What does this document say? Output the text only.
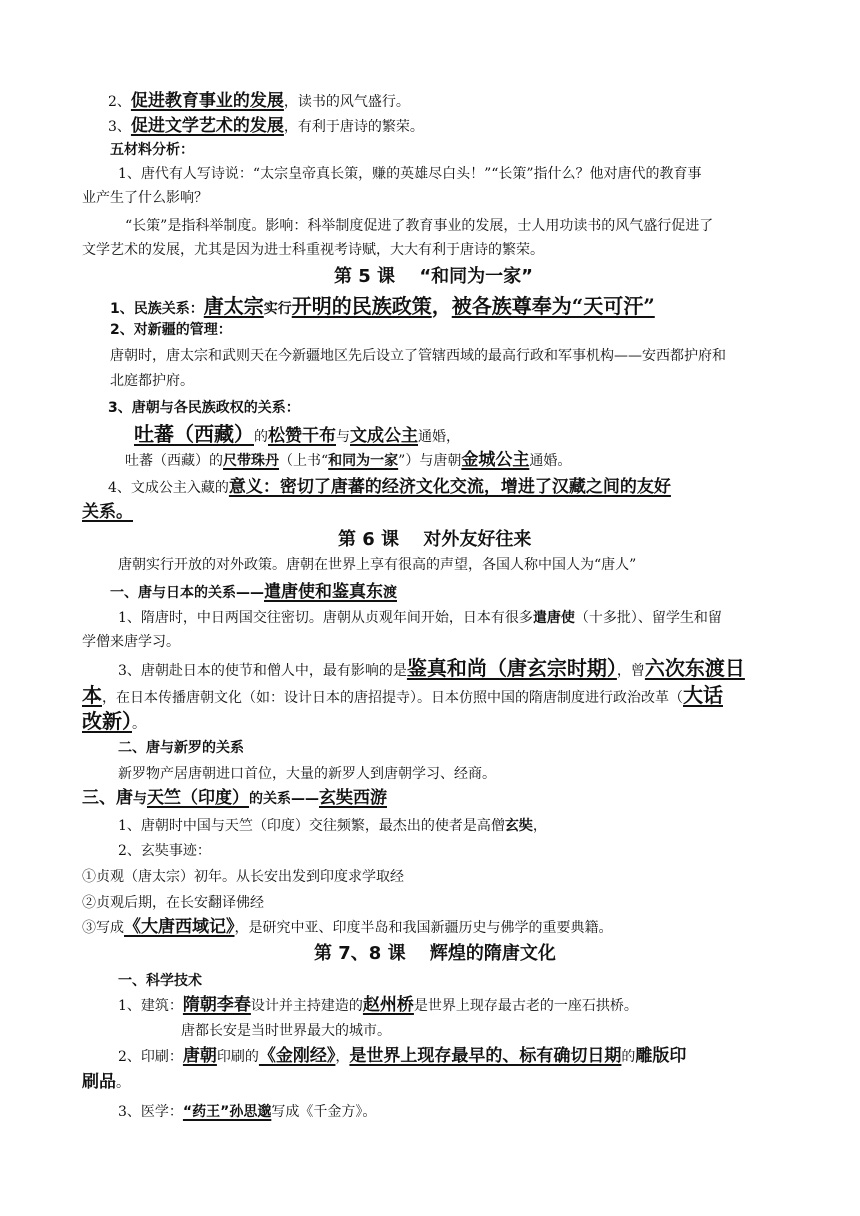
2、促进教育事业的发展，读书的风气盛行。
3、促进文学艺术的发展，有利于唐诗的繁荣。
五材料分析：
1、唐代有人写诗说：“太宗皇帝真长策，赚的英雄尽白头！”“长策”指什么？他对唐代的教育事
业产生了什么影响？
“长策”是指科举制度。影响：科举制度促进了教育事业的发展，士人用功读书的风气盛行促进了
文学艺术的发展，尤其是因为进士科重视考诗赋，大大有利于唐诗的繁荣。
第 5 课　 “和同为一家”
1、民族关系：唐太宗实行开明的民族政策，被各族尊奉为“天可汗”
2、对新疆的管理：
唐朝时，唐太宗和武则天在今新疆地区先后设立了管辖西域的最高行政和军事机构——安西都护府和
北庭都护府。
3、唐朝与各民族政权的关系：
吐蕃（西藏）的松赞干布与文成公主通婚，
吐蕃（西藏）的尺带珠丹（上书“和同为一家”）与唐朝金城公主通婚。
4、文成公主入藏的意义：密切了唐蕃的经济文化交流，增进了汉藏之间的友好
关系。
第 6 课　 对外友好往来
唐朝实行开放的对外政策。唐朝在世界上享有很高的声望，各国人称中国人为“唐人”
一、唐与日本的关系——遣唐使和鉴真东渡
1、隋唐时，中日两国交往密切。唐朝从贞观年间开始，日本有很多遣唐使（十多批）、留学生和留
学僧来唐学习。
3、唐朝赴日本的使节和僧人中，最有影响的是鉴真和尚（唐玄宗时期），曾六次东渡日
本，在日本传播唐朝文化（如：设计日本的唐招提寺）。日本仿照中国的隋唐制度进行政治改革（大话
改新）。
二、唐与新罗的关系
新罗物产居唐朝进口首位，大量的新罗人到唐朝学习、经商。
三、唐与天竺（印度）的关系——玄奘西游
1、唐朝时中国与天竺（印度）交往频繁，最杰出的使者是高僧玄奘，
2、玄奘事迹：
①贞观（唐太宗）初年。从长安出发到印度求学取经
②贞观后期，在长安翻译佛经
③写成《大唐西域记》，是研究中亚、印度半岛和我国新疆历史与佛学的重要典籍。
第 7、8 课　 辉煌的隋唐文化
一、科学技术
1、建筑：隋朝李春设计并主持建造的赵州桥是世界上现存最古老的一座石拱桥。
唐都长安是当时世界最大的城市。
2、印刷：唐朝印刷的《金刚经》，是世界上现存最早的、标有确切日期的雕版印
刷品。
3、医学：“药王”孙思邈写成《千金方》。
